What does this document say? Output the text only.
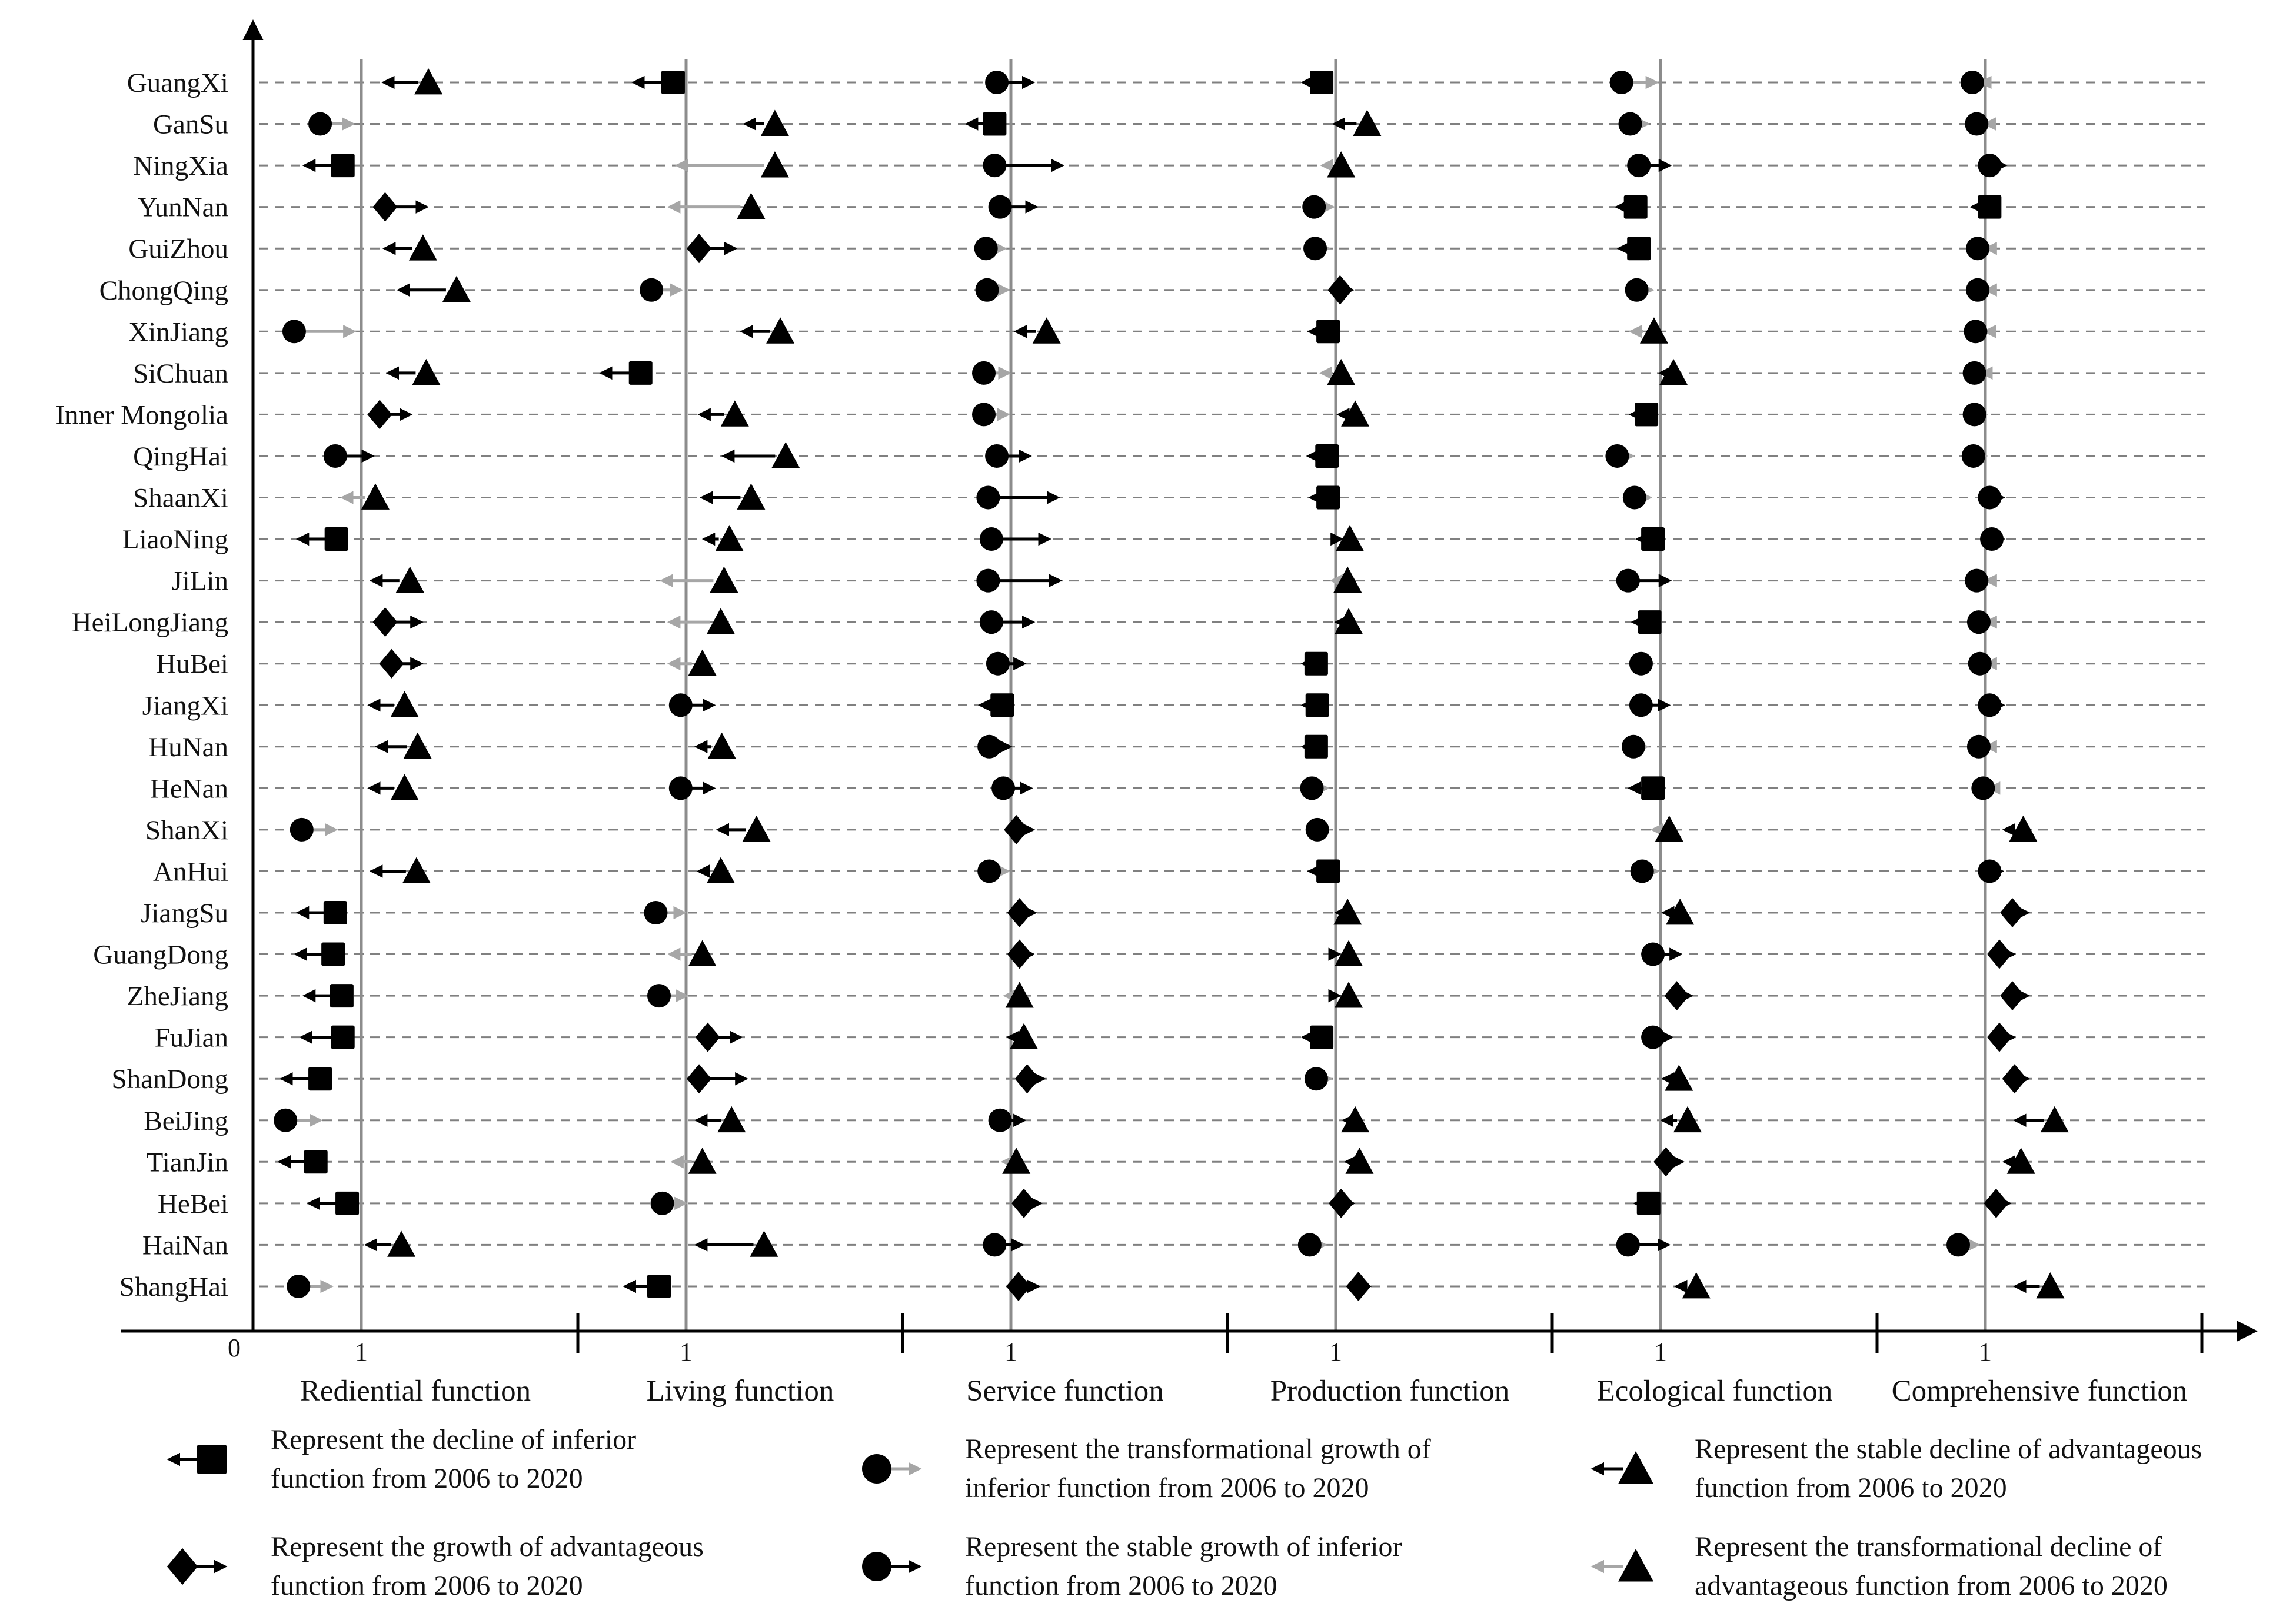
GuangXi
GanSu
NingXia
YunNan
GuiZhou
ChongQing
XinJiang
SiChuan
Inner Mongolia
QingHai
ShaanXi
LiaoNing
JiLin
HeiLongJiang
HuBei
JiangXi
HuNan
HeNan
ShanXi
AnHui
JiangSu
GuangDong
ZheJiang
FuJian
ShanDong
BeiJing
TianJin
HeBei
HaiNan
ShangHai
0	1
Rediential function
1
Living function
1
Service function
1
Production function
1
Ecological function
1
Comprehensive function
Represent the decline of inferior
function from 2006 to 2020
Represent the growth of advantageous
function from 2006 to 2020
Represent the transformational growth of
inferior function from 2006 to 2020
Represent the stable growth of inferior
function from 2006 to 2020
Represent the stable decline of advantageous
function from 2006 to 2020
Represent the transformational decline of
advantageous function from 2006 to 2020
